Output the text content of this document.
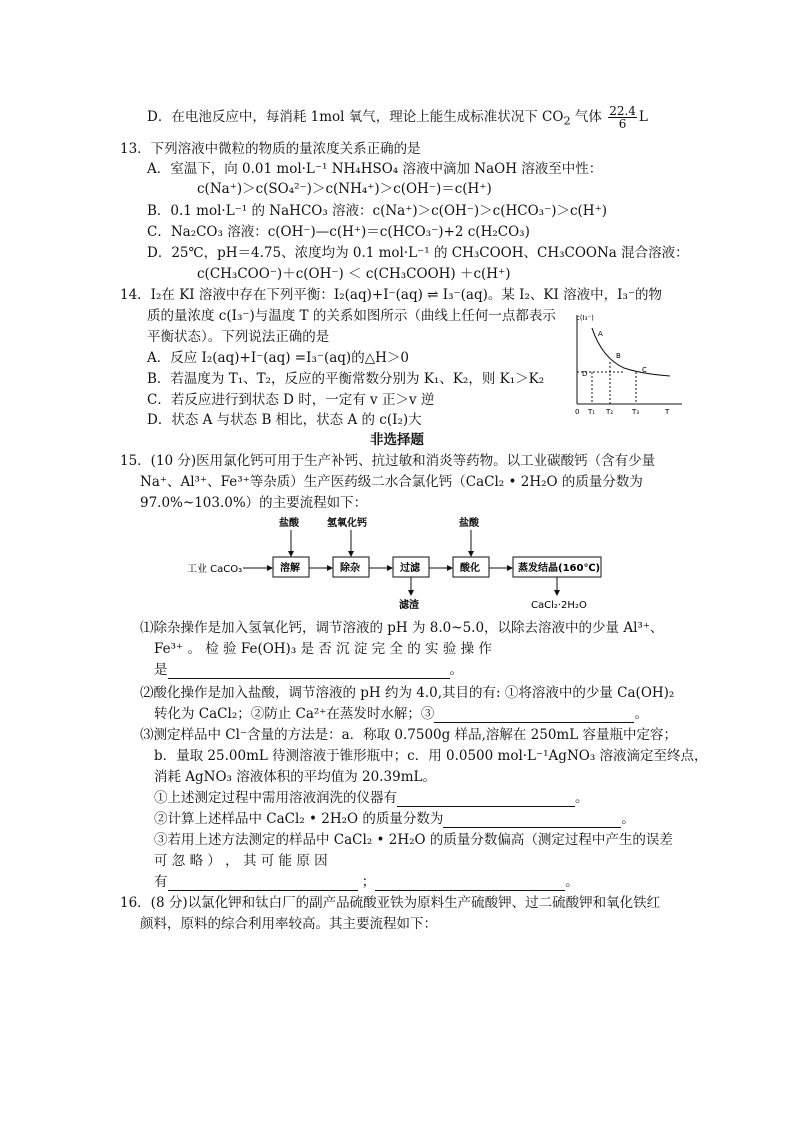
D．在电池反应中，每消耗 1mol 氧气，理论上能生成标准状况下 $CO_2$ 气体 $\frac{22.4}{6}$ L
13．下列溶液中微粒的物质的量浓度关系正确的是
A．室温下，向 0.01 mol·L⁻¹ NH₄HSO₄ 溶液中滴加 NaOH 溶液至中性：
c(Na⁺)＞c(SO₄²⁻)＞c(NH₄⁺)＞c(OH⁻)＝c(H⁺)
B．0.1 mol·L⁻¹ 的 NaHCO₃ 溶液：c(Na⁺)＞c(OH⁻)＞c(HCO₃⁻)＞c(H⁺)
C．Na₂CO₃ 溶液：c(OH⁻)—c(H⁺)＝c(HCO₃⁻)+2 c(H₂CO₃)
D．25℃，pH＝4.75、浓度均为 0.1 mol·L⁻¹ 的 CH₃COOH、CH₃COONa 混合溶液：
c(CH₃COO⁻)＋c(OH⁻) ＜ c(CH₃COOH) ＋c(H⁺)
14．I₂在 KI 溶液中存在下列平衡：I₂(aq)+I⁻(aq) ⇌ I₃⁻(aq)。某 I₂、KI 溶液中，I₃⁻的物
质的量浓度 c(I₃⁻)与温度 T 的关系如图所示（曲线上任何一点都表示
平衡状态）。下列说法正确的是
A．反应 I₂(aq)+I⁻(aq) =I₃⁻(aq)的△H＞0
B．若温度为 T₁、T₂，反应的平衡常数分别为 K₁、K₂，则 K₁＞K₂
C．若反应进行到状态 D 时，一定有 v 正＞v 逆
D．状态 A 与状态 B 相比，状态 A 的 c(I₂)大
c(I₃⁻)
A
B
C
D
0 T₁ T₂	T₃	T
非选择题
15．(10 分)医用氯化钙可用于生产补钙、抗过敏和消炎等药物。以工业碳酸钙（含有少量
Na⁺、Al³⁺、Fe³⁺等杂质）生产医药级二水合氯化钙（CaCl₂ • 2H₂O 的质量分数为
97.0%~103.0%）的主要流程如下：
工业 CaCO₃	溶解	除杂	过滤	酸化	蒸发结晶(160℃)
盐酸	氢氧化钙	盐酸
滤渣	CaCl₂·2H₂O
⑴除杂操作是加入氢氧化钙，调节溶液的 pH 为 8.0~5.0，以除去溶液中的少量 Al³⁺、
Fe³⁺ 。 检 验 Fe(OH)₃ 是 否 沉 淀 完 全 的 实 验 操 作
是	。
⑵酸化操作是加入盐酸，调节溶液的 pH 约为 4.0,其目的有: ①将溶液中的少量 Ca(OH)₂
转化为 CaCl₂；②防止 Ca²⁺在蒸发时水解；③	。
⑶测定样品中 Cl⁻含量的方法是：a．称取 0.7500g 样品,溶解在 250mL 容量瓶中定容；
b．量取 25.00mL 待测溶液于锥形瓶中；c．用 0.0500 mol·L⁻¹AgNO₃ 溶液滴定至终点，
消耗 AgNO₃ 溶液体积的平均值为 20.39mL。
①上述测定过程中需用溶液润洗的仪器有	。
②计算上述样品中 CaCl₂ • 2H₂O 的质量分数为	。
③若用上述方法测定的样品中 CaCl₂ • 2H₂O 的质量分数偏高（测定过程中产生的误差
可 忽 略 ） ， 其 可 能 原 因
有	；	。
16．(8 分)以氯化钾和钛白厂的副产品硫酸亚铁为原料生产硫酸钾、过二硫酸钾和氧化铁红
颜料，原料的综合利用率较高。其主要流程如下：
